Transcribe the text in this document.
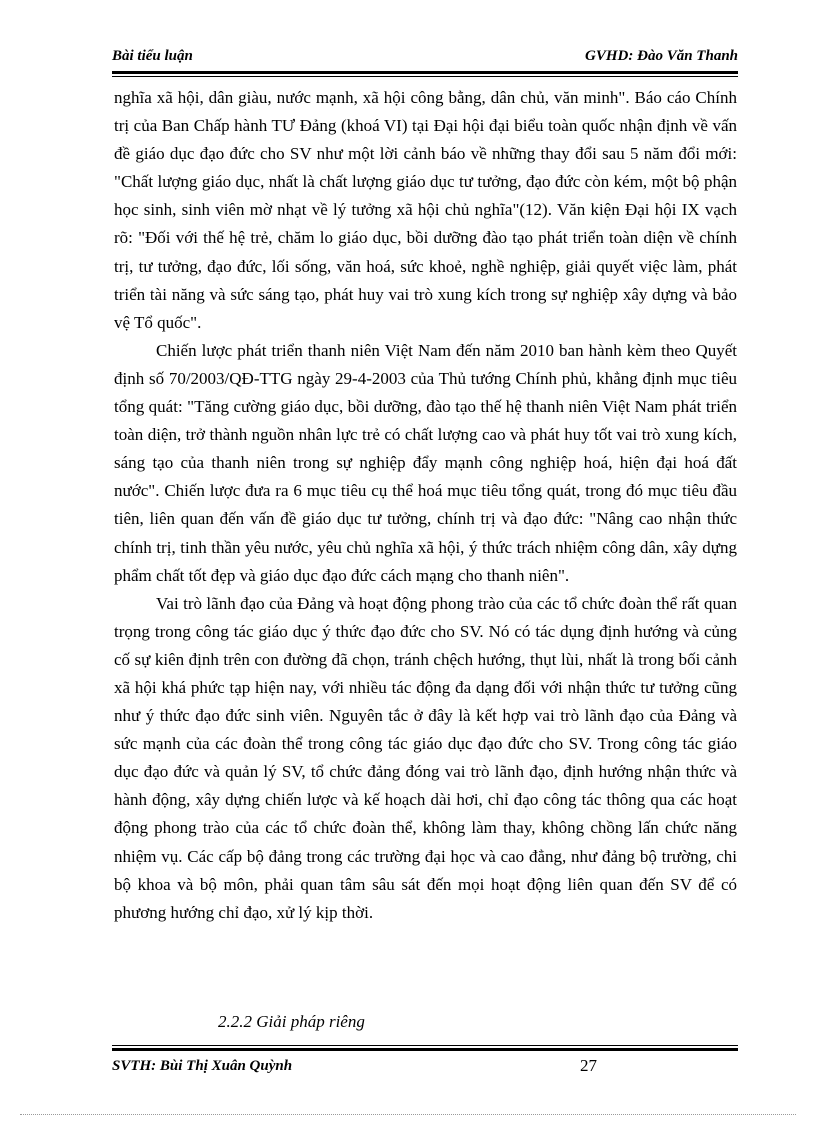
Bài tiểu luận	GVHD: Đào Văn Thanh

nghĩa xã hội, dân giàu, nước mạnh, xã hội công bằng, dân chủ, văn minh". Báo cáo Chính trị của Ban Chấp hành TƯ Đảng (khoá VI) tại Đại hội đại biểu toàn quốc nhận định về vấn đề giáo dục đạo đức cho SV như một lời cảnh báo về những thay đổi sau 5 năm đổi mới: "Chất lượng giáo dục, nhất là chất lượng giáo dục tư tưởng, đạo đức còn kém, một bộ phận học sinh, sinh viên mờ nhạt về lý tưởng xã hội chủ nghĩa"(12). Văn kiện Đại hội IX vạch rõ: "Đối với thế hệ trẻ, chăm lo giáo dục, bồi dưỡng đào tạo phát triển toàn diện về chính trị, tư tưởng, đạo đức, lối sống, văn hoá, sức khoẻ, nghề nghiệp, giải quyết việc làm, phát triển tài năng và sức sáng tạo, phát huy vai trò xung kích trong sự nghiệp xây dựng và bảo vệ Tổ quốc".

Chiến lược phát triển thanh niên Việt Nam đến năm 2010 ban hành kèm theo Quyết định số 70/2003/QĐ-TTG ngày 29-4-2003 của Thủ tướng Chính phủ, khẳng định mục tiêu tổng quát: "Tăng cường giáo dục, bồi dưỡng, đào tạo thế hệ thanh niên Việt Nam phát triển toàn diện, trở thành nguồn nhân lực trẻ có chất lượng cao và phát huy tốt vai trò xung kích, sáng tạo của thanh niên trong sự nghiệp đẩy mạnh công nghiệp hoá, hiện đại hoá đất nước". Chiến lược đưa ra 6 mục tiêu cụ thể hoá mục tiêu tổng quát, trong đó mục tiêu đầu tiên, liên quan đến vấn đề giáo dục tư tưởng, chính trị và đạo đức: "Nâng cao nhận thức chính trị, tinh thần yêu nước, yêu chủ nghĩa xã hội, ý thức trách nhiệm công dân, xây dựng phẩm chất tốt đẹp và giáo dục đạo đức cách mạng cho thanh niên".

Vai trò lãnh đạo của Đảng và hoạt động phong trào của các tổ chức đoàn thể rất quan trọng trong công tác giáo dục ý thức đạo đức cho SV. Nó có tác dụng định hướng và củng cố sự kiên định trên con đường đã chọn, tránh chệch hướng, thụt lùi, nhất là trong bối cảnh xã hội khá phức tạp hiện nay, với nhiều tác động đa dạng đối với nhận thức tư tưởng cũng như ý thức đạo đức sinh viên. Nguyên tắc ở đây là kết hợp vai trò lãnh đạo của Đảng và sức mạnh của các đoàn thể trong công tác giáo dục đạo đức cho SV. Trong công tác giáo dục đạo đức và quản lý SV, tổ chức đảng đóng vai trò lãnh đạo, định hướng nhận thức và hành động, xây dựng chiến lược và kế hoạch dài hơi, chỉ đạo công tác thông qua các hoạt động phong trào của các tổ chức đoàn thể, không làm thay, không chồng lấn chức năng nhiệm vụ. Các cấp bộ đảng trong các trường đại học và cao đẳng, như đảng bộ trường, chi bộ khoa và bộ môn, phải quan tâm sâu sát đến mọi hoạt động liên quan đến SV để có phương hướng chỉ đạo, xử lý kịp thời.

2.2.2 Giải pháp riêng
SVTH: Bùi Thị Xuân Quỳnh	27
